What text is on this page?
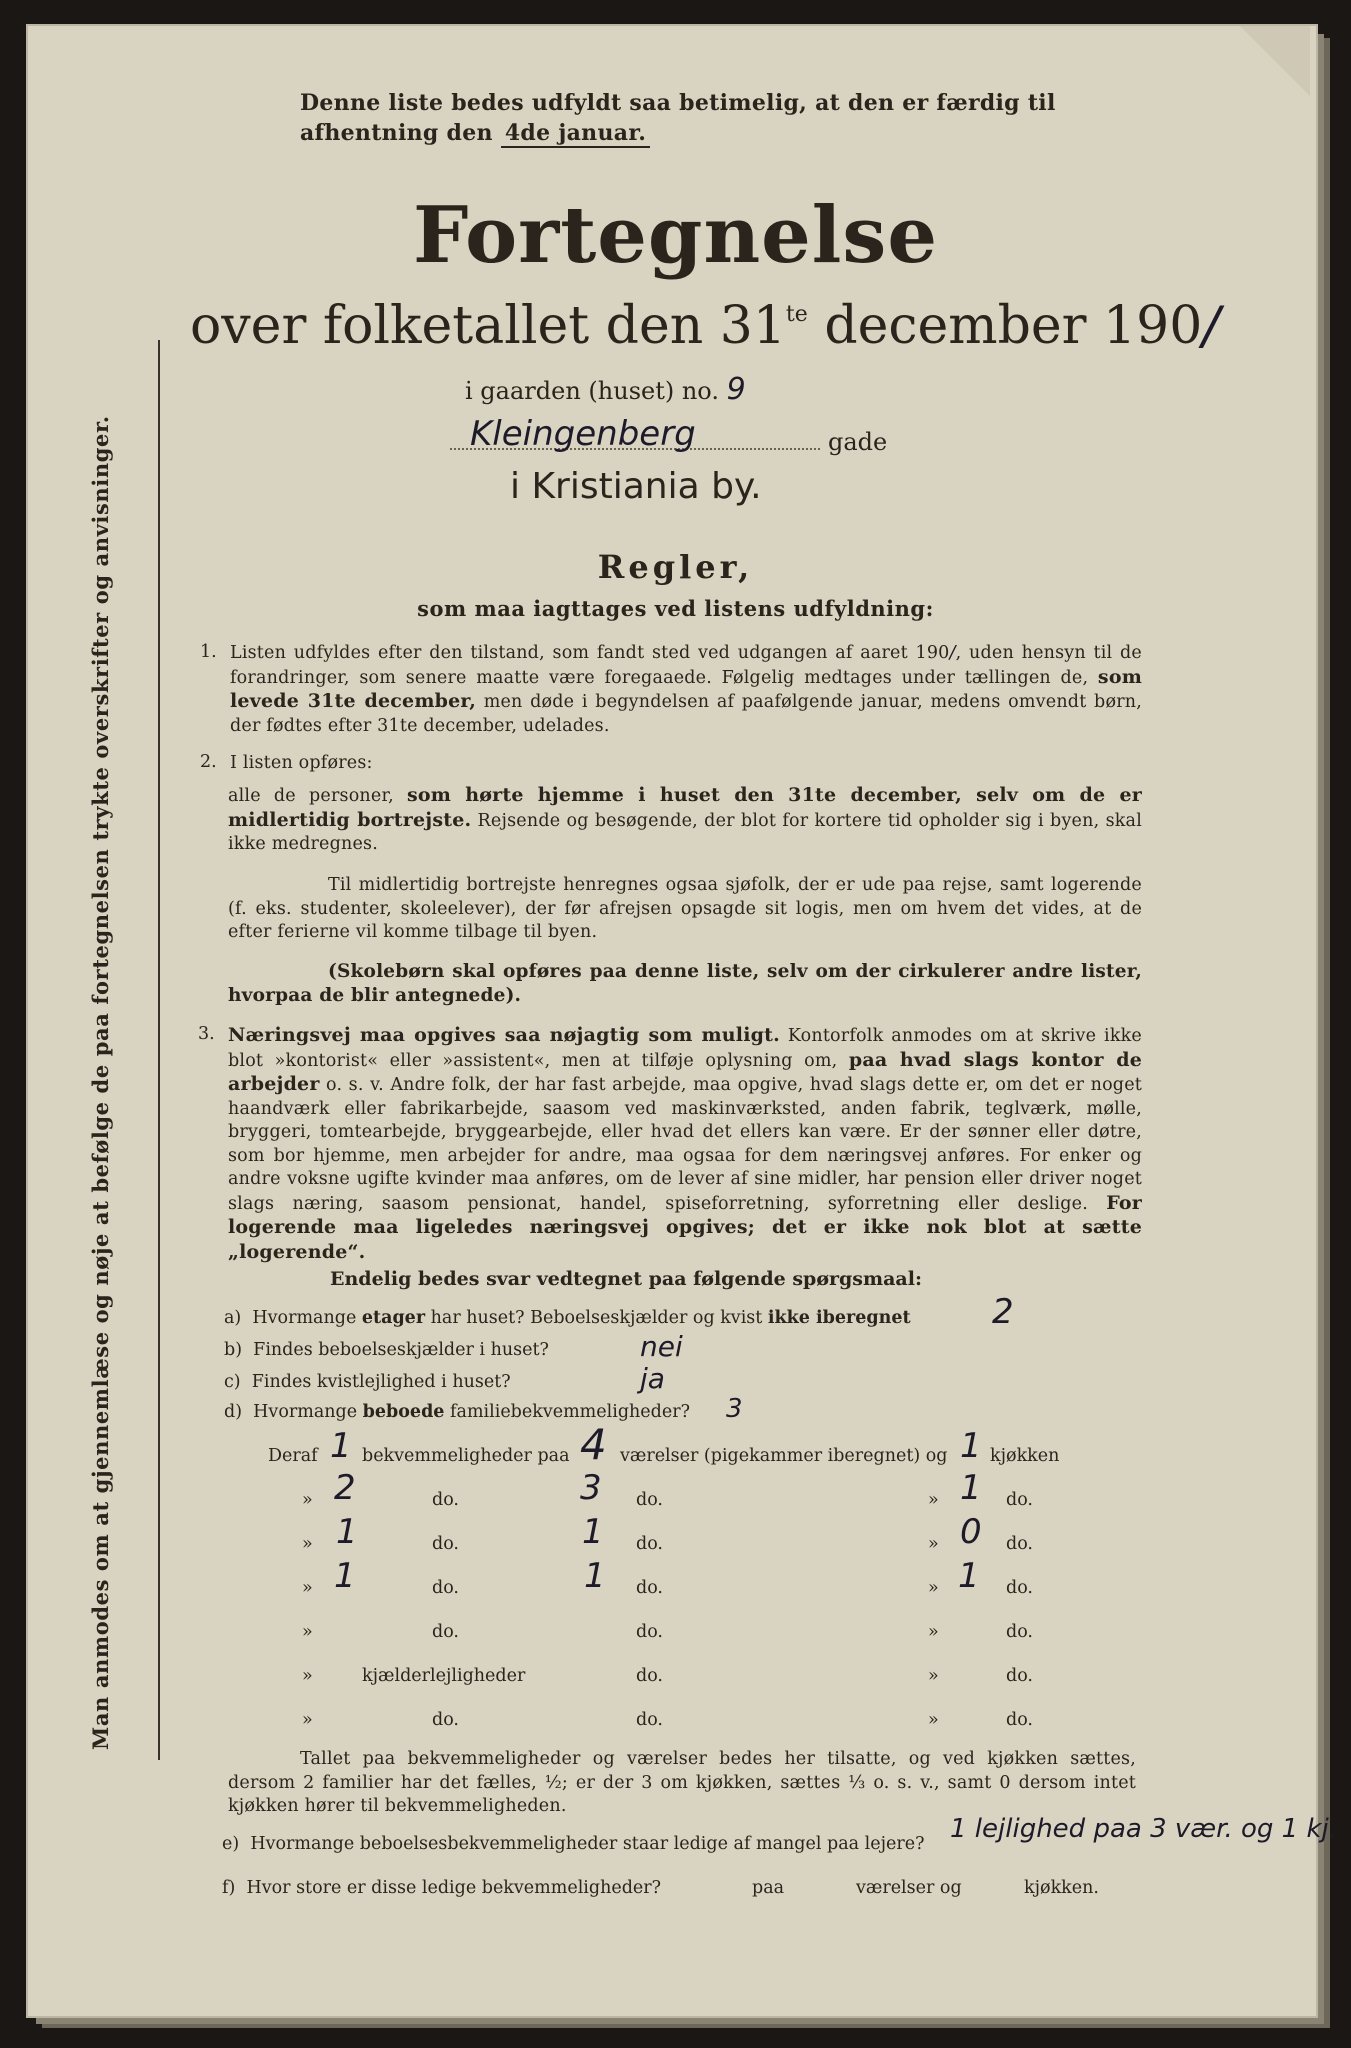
Denne liste bedes udfyldt saa betimelig, at den er færdig til
afhentning den 4de januar.
Fortegnelse
over folketallet den $31^{te}$ december 190/
i gaarden (huset) no. 9
Kleingenberg	gade
i Kristiania by.
Regler,
som maa iagttages ved listens udfyldning:
1. Listen udfyldes efter den tilstand, som fandt sted ved udgangen af aaret 190/, uden hensyn til de forandringer, som senere maatte være foregaaede. Følgelig medtages under tællingen de, som levede 31te december, men døde i begyndelsen af paafølgende januar, medens omvendt børn, der fødtes efter 31te december, udelades.
2. I listen opføres:
alle de personer, som hørte hjemme i huset den 31te december, selv om de er midlertidig bortrejste. Rejsende og besøgende, der blot for kortere tid opholder sig i byen, skal ikke medregnes.
Til midlertidig bortrejste henregnes ogsaa sjøfolk, der er ude paa rejse, samt logerende (f. eks. studenter, skoleelever), der før afrejsen opsagde sit logis, men om hvem det vides, at de efter ferierne vil komme tilbage til byen.
(Skolebørn skal opføres paa denne liste, selv om der cirkulerer andre lister, hvorpaa de blir antegnede).
3. Næringsvej maa opgives saa nøjagtig som muligt. Kontorfolk anmodes om at skrive ikke blot »kontorist« eller »assistent«, men at tilføje oplysning om, paa hvad slags kontor de arbejder o. s. v. Andre folk, der har fast arbejde, maa opgive, hvad slags dette er, om det er noget haandværk eller fabrikarbejde, saasom ved maskinværksted, anden fabrik, teglværk, mølle, bryggeri, tomtearbejde, bryggearbejde, eller hvad det ellers kan være. Er der sønner eller døtre, som bor hjemme, men arbejder for andre, maa ogsaa for dem næringsvej anføres. For enker og andre voksne ugifte kvinder maa anføres, om de lever af sine midler, har pension eller driver noget slags næring, saasom pensionat, handel, spiseforretning, syforretning eller deslige. For logerende maa ligeledes næringsvej opgives; det er ikke nok blot at sætte „logerende“.
Endelig bedes svar vedtegnet paa følgende spørgsmaal:
a) Hvormange etager har huset? Beboelseskjælder og kvist ikke iberegnet 2
b) Findes beboelseskjælder i huset?	nei
c) Findes kvistlejlighed i huset?	ja
d) Hvormange beboede familiebekvemmeligheder? 3
Deraf 1 bekvemmeligheder paa 4 værelser (pigekammer iberegnet) og 1 kjøkken
» 2	do.	3 do.	» 1 do.
» 1	do.	1 do.	» 0 do.
» 1	do.	1 do.	» 1 do.
»	do.	do.	»	do.
»	kjælderlejligheder	do.	»	do.
»	do.	do.	»	do.
Tallet paa bekvemmeligheder og værelser bedes her tilsatte, og ved kjøkken sættes, dersom 2 familier har det fælles, ½; er der 3 om kjøkken, sættes ⅓ o. s. v., samt 0 dersom intet kjøkken hører til bekvemmeligheden.
e) Hvormange beboelsesbekvemmeligheder staar ledige af mangel paa lejere? 1 lejlighed paa 3 vær. og 1 kj.
f) Hvor store er disse ledige bekvemmeligheder?	paa	værelser og	kjøkken.
Man anmodes om at gjennemlæse og nøje at befølge de paa fortegnelsen trykte overskrifter og anvisninger.
